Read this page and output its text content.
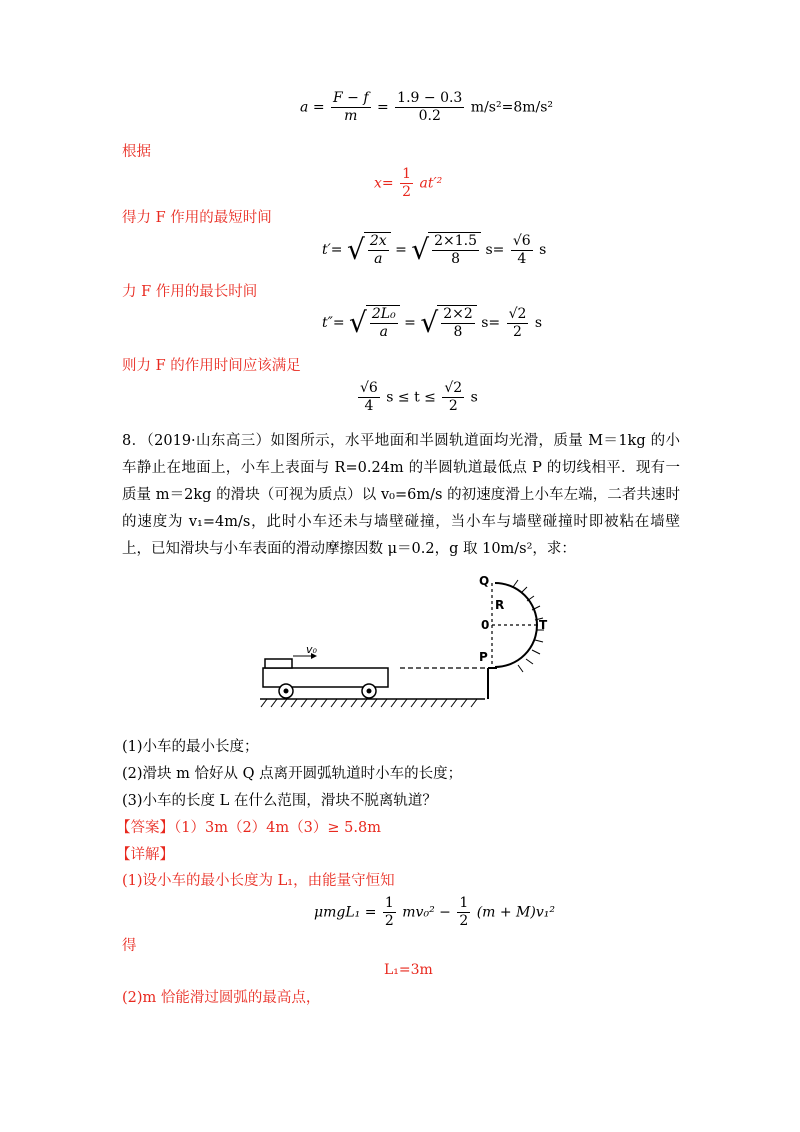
$a = \frac{F - f}{m} = \frac{1.9 - 0.3}{0.2} m/s^2=8m/s^2$
根据
$x= \frac{1}{2} at'^2$
得力 F 作用的最短时间
t′= √ $\frac{2x}{a}$ = √ $\frac{2\times 1.5}{8} s= \frac{√6}{4}$ s
力 F 作用的最长时间
t″= √ $\frac{\text{2L₀}}{a}$ = √ $\frac{2\times 2}{8} s= \frac{√2}{2}$ s
则力 F 的作用时间应该满足
$\frac{√6}{4}$ $s \le t \le \frac{√2}{2}$ s
8．（2019·山东高三）如图所示，水平地面和半圆轨道面均光滑，质量 M＝1kg 的小车静止在地面上，小车上表面与 R=0.24m 的半圆轨道最低点 P 的切线相平．现有一质量 m＝2kg 的滑块（可视为质点）以 v₀=6m/s 的初速度滑上小车左端，二者共速时的速度为 v₁=4m/s，此时小车还未与墙壁碰撞，当小车与墙壁碰撞时即被粘在墙壁上，已知滑块与小车表面的滑动摩擦因数 μ＝0.2，g 取 10m/s²，求：
v₀
Q
R
0	T
P
(1)小车的最小长度；
(2)滑块 m 恰好从 Q 点离开圆弧轨道时小车的长度；
(3)小车的长度 L 在什么范围，滑块不脱离轨道？
【答案】（1）3m（2）4m（3）≥ 5.8m
【详解】
(1)设小车的最小长度为 L₁，由能量守恒知
$\mu mgL_1 = \frac{1}{2} mv_0^2 - \frac{1}{2} (m + M)v_1^2$
得
L₁=3m
(2)m 恰能滑过圆弧的最高点，
